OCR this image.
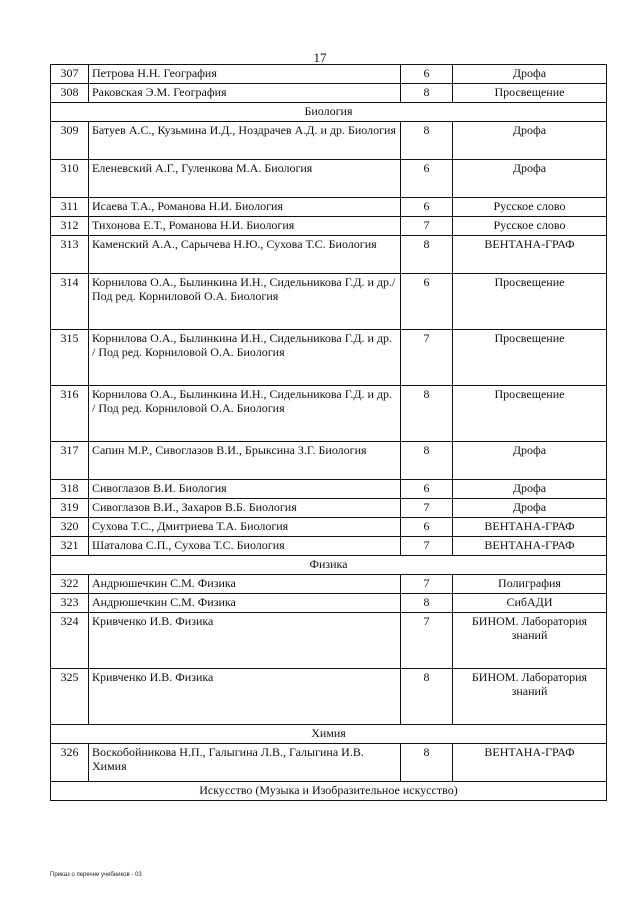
17
307	Петрова Н.Н. География	6	Дрофа
308	Раковская Э.М. География	8	Просвещение
Биология			
309	Батуев А.С., Кузьмина И.Д., Ноздрачев А.Д. и др. Биология	8	Дрофа
310	Еленевский А.Г., Гуленкова М.А. Биология	6	Дрофа
311	Исаева Т.А., Романова Н.И. Биология	6	Русское слово
312	Тихонова Е.Т., Романова Н.И. Биология	7	Русское слово
313	Каменский А.А., Сарычева Н.Ю., Сухова Т.С. Биология	8	ВЕНТАНА-ГРАФ
314	Корнилова О.А., Былинкина И.Н., Сидельникова Г.Д. и др./ Под ред. Корниловой О.А. Биология	6	Просвещение
315	Корнилова О.А., Былинкина И.Н., Сидельникова Г.Д. и др. / Под ред. Корниловой О.А. Биология	7	Просвещение
316	Корнилова О.А., Былинкина И.Н., Сидельникова Г.Д. и др. / Под ред. Корниловой О.А. Биология	8	Просвещение
317	Сапин М.Р., Сивоглазов В.И., Брыксина З.Г. Биология	8	Дрофа
318	Сивоглазов В.И. Биология	6	Дрофа
319	Сивоглазов В.И., Захаров В.Б. Биология	7	Дрофа
320	Сухова Т.С., Дмитриева Т.А. Биология	6	ВЕНТАНА-ГРАФ
321	Шаталова С.П., Сухова Т.С. Биология	7	ВЕНТАНА-ГРАФ
Физика			
322	Андрюшечкин С.М. Физика	7	Полиграфия
323	Андрюшечкин С.М. Физика	8	СибАДИ
324	Кривченко И.В. Физика	7	БИНОМ. Лаборатория знаний
325	Кривченко И.В. Физика	8	БИНОМ. Лаборатория знаний
Химия			
326	Воскобойникова Н.П., Галыгина Л.В., Галыгина И.В. Химия	8	ВЕНТАНА-ГРАФ
Искусство (Музыка и Изобразительное искусство)			
Приказ о перечне учебников - 03
